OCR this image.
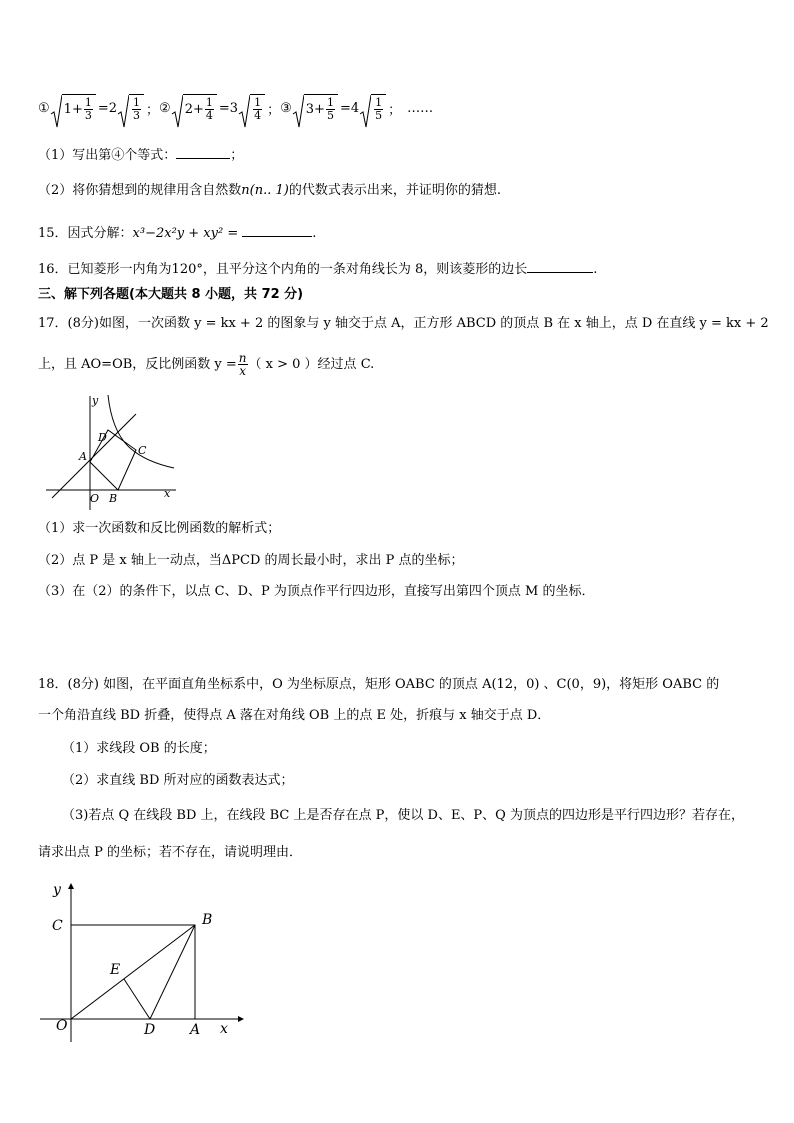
①	$1+ \frac{1}{3} = 2 \frac{1}{3}$ ； ②	$2+ \frac{1}{4} = 3 \frac{1}{4}$ ； ③	$3+ \frac{1}{5} = 4 \frac{1}{5}$ ； ……
（1）写出第④个等式：	；
（2）将你猜想到的规律用含自然数n(n.. 1)的代数式表示出来，并证明你的猜想.
15．因式分解：x³−2x²y + xy² =	.
16．已知菱形一内角为120°，且平分这个内角的一条对角线长为 8，则该菱形的边长	.
三、解下列各题(本大题共 8 小题，共 72 分)
17．(8分)如图，一次函数 y = kx + 2 的图象与 y 轴交于点 A，正方形 ABCD 的顶点 B 在 x 轴上，点 D 在直线 y = kx + 2
上，且 AO=OB，反比例函数 $y = \frac{n}{x}$ （ x > 0 ）经过点 C.
y
x
A
B
C
D
O
（1）求一次函数和反比例函数的解析式；
（2）点 P 是 x 轴上一动点，当ΔPCD 的周长最小时，求出 P 点的坐标；
（3）在（2）的条件下，以点 C、D、P 为顶点作平行四边形，直接写出第四个顶点 M 的坐标．
18．(8分) 如图，在平面直角坐标系中，O 为坐标原点，矩形 OABC 的顶点 A(12，0) 、C(0，9)，将矩形 OABC 的
一个角沿直线 BD 折叠，使得点 A 落在对角线 OB 上的点 E 处，折痕与 x 轴交于点 D．
（1）求线段 OB 的长度；
（2）求直线 BD 所对应的函数表达式；
（3)若点 Q 在线段 BD 上，在线段 BC 上是否存在点 P，使以 D、E、P、Q 为顶点的四边形是平行四边形？若存在，
请求出点 P 的坐标；若不存在，请说明理由．
y
x
C	B
E
O	D A
